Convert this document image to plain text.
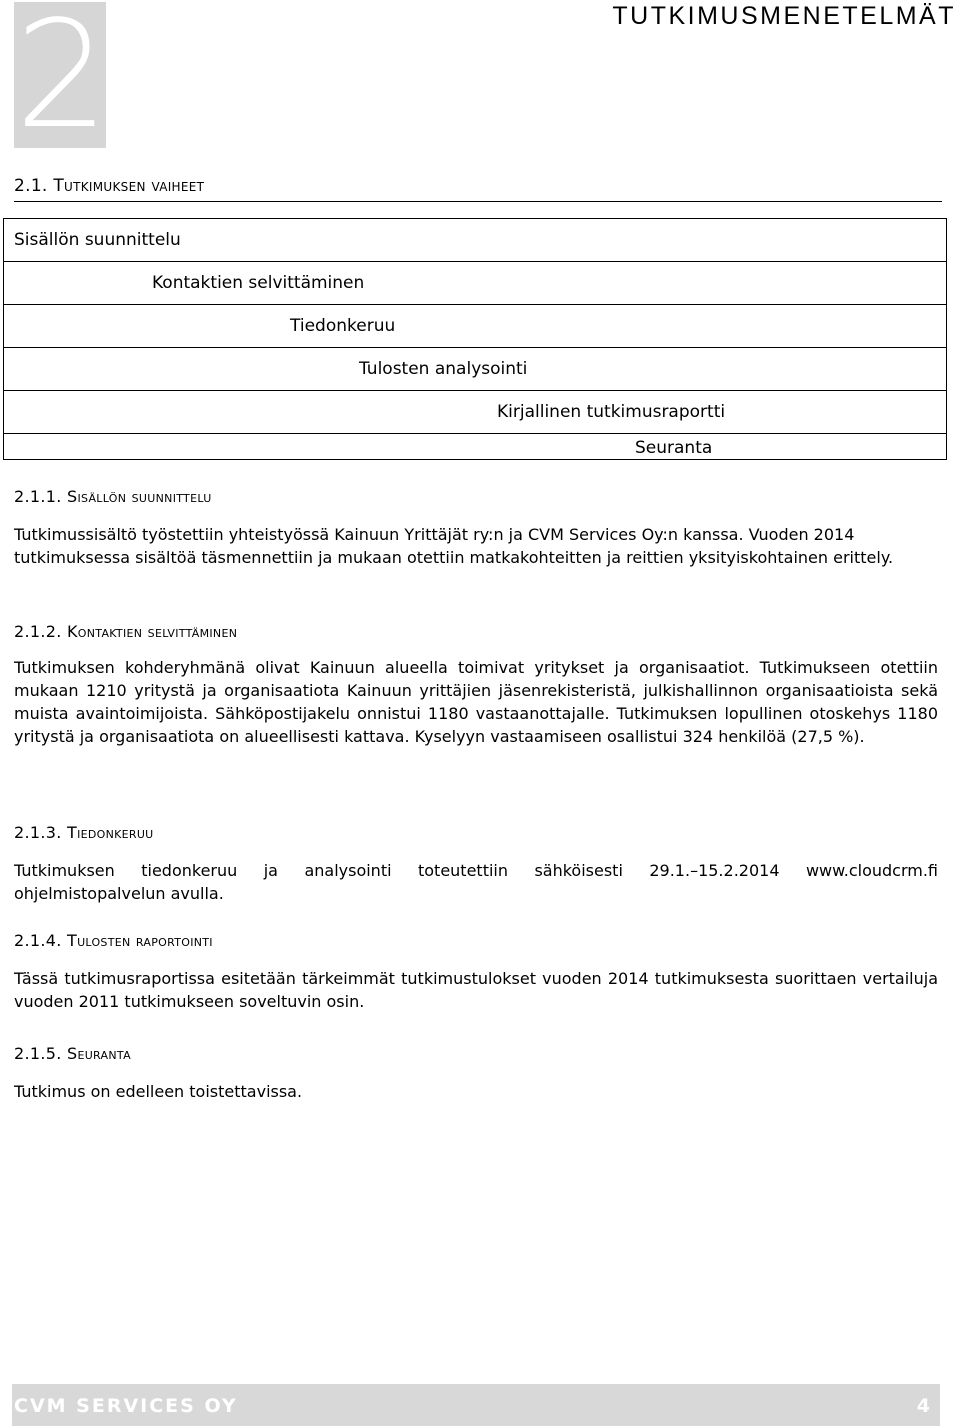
2	TUTKIMUSMENETELMÄT
2.1. Tutkimuksen vaiheet
Sisällön suunnittelu
Kontaktien selvittäminen
Tiedonkeruu
Tulosten analysointi
Kirjallinen tutkimusraportti
Seuranta
2.1.1. Sisällön suunnittelu

Tutkimussisältö työstettiin yhteistyössä Kainuun Yrittäjät ry:n ja CVM Services Oy:n kanssa. Vuoden 2014 tutkimuksessa sisältöä täsmennettiin ja mukaan otettiin matkakohteitten ja reittien yksityiskohtainen erittely.

2.1.2. Kontaktien selvittäminen

Tutkimuksen kohderyhmänä olivat Kainuun alueella toimivat yritykset ja organisaatiot. Tutkimukseen otettiin mukaan 1210 yritystä ja organisaatiota Kainuun yrittäjien jäsenrekisteristä, julkishallinnon organisaatioista sekä muista avaintoimijoista. Sähköpostijakelu onnistui 1180 vastaanottajalle. Tutkimuksen lopullinen otoskehys 1180 yritystä ja organisaatiota on alueellisesti kattava. Kyselyyn vastaamiseen osallistui 324 henkilöä (27,5 %).

2.1.3. Tiedonkeruu

Tutkimuksen tiedonkeruu ja analysointi toteutettiin sähköisesti 29.1.–15.2.2014 www.cloudcrm.fi ohjelmistopalvelun avulla.

2.1.4. Tulosten raportointi

Tässä tutkimusraportissa esitetään tärkeimmät tutkimustulokset vuoden 2014 tutkimuksesta suorittaen vertailuja vuoden 2011 tutkimukseen soveltuvin osin.

2.1.5. Seuranta

Tutkimus on edelleen toistettavissa.

CVM SERVICES OY	4
